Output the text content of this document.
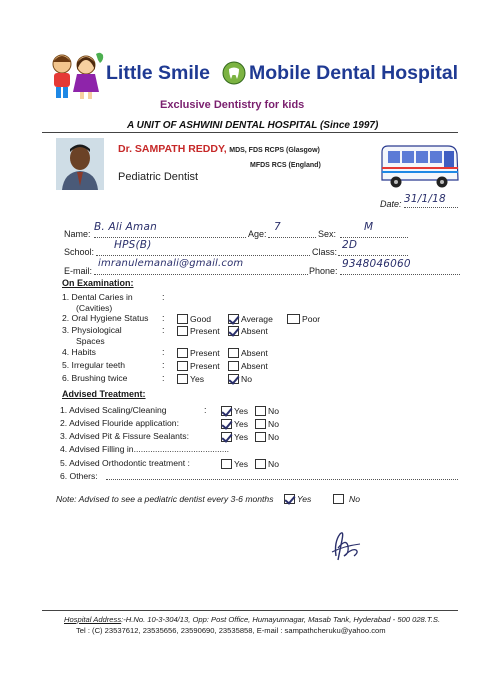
Little Smile	Mobile Dental Hospital
Exclusive Dentistry for kids
A UNIT OF ASHWINI DENTAL HOSPITAL (Since 1997)
Dr. SAMPATH REDDY, MDS, FDS RCPS (Glasgow)
MFDS RCS (England)
Pediatric Dentist
Date: 31/1/18
Name:
B. Ali Aman
Age:
7
Sex:
M
School:
HPS(B)
Class:
2D
E-mail:
imranulemanali@gmail.com
Phone:
9348046060
On Examination:
1. Dental Caries in
(Cavities)
:
2. Oral Hygiene Status :	Good	Average	Poor
3. Physiological
Spaces
:	Present Absent
4. Habits	:	Present Absent
5. Irregular teeth	:	Present Absent
6. Brushing twice	:	Yes	No
Advised Treatment:
1. Advised Scaling/Cleaning	:	Yes No
2. Advised Flouride application:	Yes No
3. Advised Pit & Fissure Sealants:	Yes No
4. Advised Filling in........................................
5. Advised Orthodontic treatment :	Yes No
6. Others:
Note: Advised to see a pediatric dentist every 3-6 months	Yes	No
Hospital Address:-H.No. 10-3-304/13, Opp: Post Office, Humayunnagar, Masab Tank, Hyderabad - 500 028.T.S.
Tel : (C) 23537612, 23535656, 23590690, 23535858, E-mail : sampathcheruku@yahoo.com
